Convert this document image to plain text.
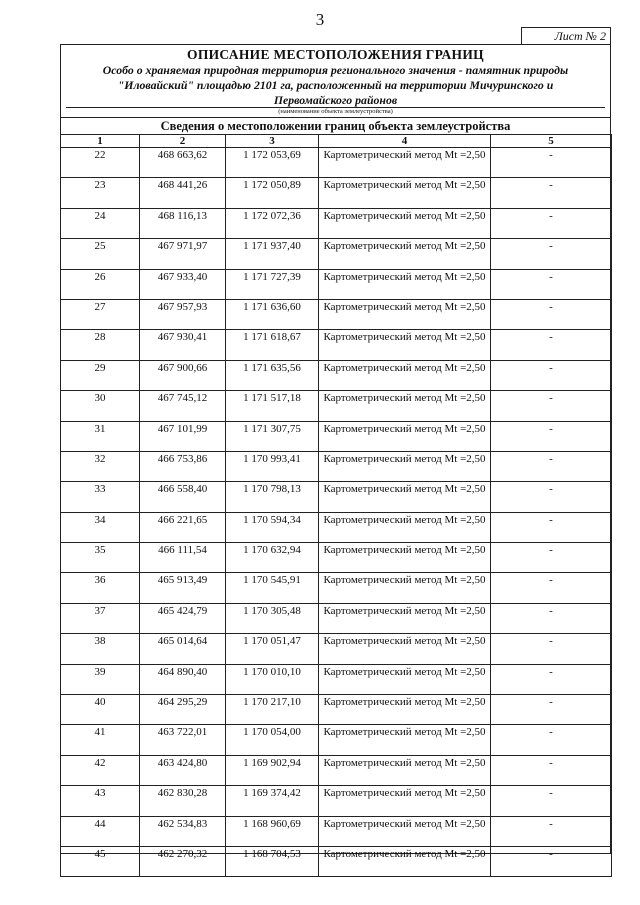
3
Лист № 2
ОПИСАНИЕ МЕСТОПОЛОЖЕНИЯ ГРАНИЦ
Особо о храняемая природная территория регионального значения - памятник природы "Иловайский" площадью 2101 га, расположенный на территории Мичуринского и Первомайского районов
(наименование объекта землеустройства)
Сведения о местоположении границ объекта землеустройства
1	2	3	4	5
22	468 663,62	1 172 053,69	Картометрический метод Mt =2,50	-
23	468 441,26	1 172 050,89	Картометрический метод Mt =2,50	-
24	468 116,13	1 172 072,36	Картометрический метод Mt =2,50	-
25	467 971,97	1 171 937,40	Картометрический метод Mt =2,50	-
26	467 933,40	1 171 727,39	Картометрический метод Mt =2,50	-
27	467 957,93	1 171 636,60	Картометрический метод Mt =2,50	-
28	467 930,41	1 171 618,67	Картометрический метод Mt =2,50	-
29	467 900,66	1 171 635,56	Картометрический метод Mt =2,50	-
30	467 745,12	1 171 517,18	Картометрический метод Mt =2,50	-
31	467 101,99	1 171 307,75	Картометрический метод Mt =2,50	-
32	466 753,86	1 170 993,41	Картометрический метод Mt =2,50	-
33	466 558,40	1 170 798,13	Картометрический метод Mt =2,50	-
34	466 221,65	1 170 594,34	Картометрический метод Mt =2,50	-
35	466 111,54	1 170 632,94	Картометрический метод Mt =2,50	-
36	465 913,49	1 170 545,91	Картометрический метод Mt =2,50	-
37	465 424,79	1 170 305,48	Картометрический метод Mt =2,50	-
38	465 014,64	1 170 051,47	Картометрический метод Mt =2,50	-
39	464 890,40	1 170 010,10	Картометрический метод Mt =2,50	-
40	464 295,29	1 170 217,10	Картометрический метод Mt =2,50	-
41	463 722,01	1 170 054,00	Картометрический метод Mt =2,50	-
42	463 424,80	1 169 902,94	Картометрический метод Mt =2,50	-
43	462 830,28	1 169 374,42	Картометрический метод Mt =2,50	-
44	462 534,83	1 168 960,69	Картометрический метод Mt =2,50	-
45	462 270,32	1 168 704,53	Картометрический метод Mt =2,50	-
